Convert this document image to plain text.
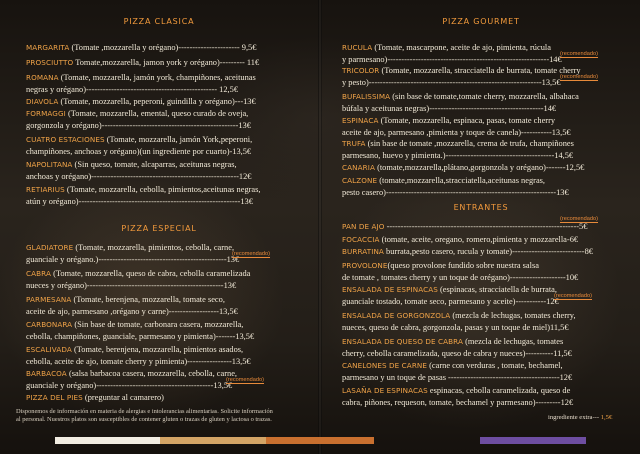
PIZZA CLASICA
MARGARITA (Tomate ,mozzarella y orégano)---------------------- 9,5€
PROSCIUTTO Tomate,mozzarella, jamon york y orégano)--------- 11€
ROMANA (Tomate, mozzarella, jamón york, champiñones, aceitunas
negras y orégano)----------------------------------------------- 12,5€
DIAVOLA (Tomate, mozzarella, peperoni, guindilla y orégano)---13€
FORMAGGI (Tomate, mozzarella, emental, queso curado de oveja,
gorgonzola y orégano)-------------------------------------------------13€
CUATRO ESTACIONES (Tomate, mozzarella, jamón York,peperoni,
champiñones, anchoas y orégano)(un ingrediente por cuarto)-13,5€
NAPOLITANA (Sin queso, tomate, alcaparras, aceitunas negras,
anchoas y orégano)-----------------------------------------------------12€
RETIARIUS (Tomate, mozzarella, cebolla, pimientos,aceitunas negras,
atún y orégano)----------------------------------------------------------13€
PIZZA ESPECIAL
GLADIATORE (Tomate, mozzarella, pimientos, cebolla, carne,
guanciale y orégano.)----------------------------------------------13€
(recomendado)
CABRA (Tomate, mozzarella, queso de cabra, cebolla caramelizada
nueces y orégano)-------------------------------------------------13€
PARMESANA (Tomate, berenjena, mozzarella, tomate seco,
aceite de ajo, parmesano ,orégano y carne)------------------13,5€
CARBONARA (Sin base de tomate, carbonara casera, mozzarella,
cebolla, champiñones, guanciale, parmesano y pimienta)-------13,5€
ESCALIVADA (Tomate, berenjena, mozzarella, pimientos asados,
cebolla, aceite de ajo, tomate cherry y pimienta)----------------13,5€
BARBACOA (salsa barbacoa casera, mozzarella, cebolla, carne,
guanciale y orégano)------------------------------------------13,5€
(recomendado)
PIZZA DEL PIES (preguntar al camarero)
Disponemos de información en materia de alergias e intolerancias alimentarias. Solicite información
al personal. Nuestros platos son susceptibles de contener gluten o trazas de gluten y lactosa o trazas.
PIZZA GOURMET
RUCULA (Tomate, mascarpone, aceite de ajo, pimienta, rúcula
y parmesano)----------------------------------------------------------14€
(recomendado)
TRICOLOR (Tomate, mozzarella, stracciatella de burrata, tomate cherry
y pesto)--------------------------------------------------------------13,5€
(recomendado)
BUFALISSIMA (sin base de tomate,tomate cherry, mozzarella, albahaca
búfala y aceitunas negras)-----------------------------------------14€
ESPINACA (Tomate, mozzarella, espinaca, pasas, tomate cherry
aceite de ajo, parmesano ,pimienta y toque de canela)-----------13,5€
TRUFA (sin base de tomate ,mozzarella, crema de trufa, champiñones
parmesano, huevo y pimienta.)---------------------------------------14,5€
CANARIA (tomate,mozzarella,plátano,gorgonzola y orégano)-------12,5€
CALZONE (tomate,mozzarella,stracciatella,aceitunas negras,
pesto casero)-------------------------------------------------------------13€
ENTRANTES
PAN DE AJO ---------------------------------------------------------------------5€
(recomendado)
FOCACCIA (tomate, aceite, oregano, romero,pimienta y mozzarella-6€
BURRATINA burrata,pesto casero, rucula y tomate)--------------------------8€
PROVOLONE(queso provolone fundido sobre nuestra salsa
de tomate , tomates cherry y un toque de orégano)--------------------10€
ENSALADA DE ESPINACAS (espinacas, stracciatella de burrata,
guanciale tostado, tomate seco, parmesano y aceite)-----------12€
(recomendado)
ENSALADA DE GORGONZOLA (mezcla de lechugas, tomates cherry,
nueces, queso de cabra, gorgonzola, pasas y un toque de miel)11,5€
ENSALADA DE QUESO DE CABRA (mezcla de lechugas, tomates
cherry, cebolla caramelizada, queso de cabra y nueces)----------11,5€
CANELONES DE CARNE (carne con verduras , tomate, bechamel,
parmesano y un toque de pasas ----------------------------------------12€
LASAÑA DE ESPINACAS espinacas, cebolla caramelizada, queso de
cabra, piñones, requeson, tomate, bechamel y parmesano)---------12€
ingrediente extra--- 1,5€
